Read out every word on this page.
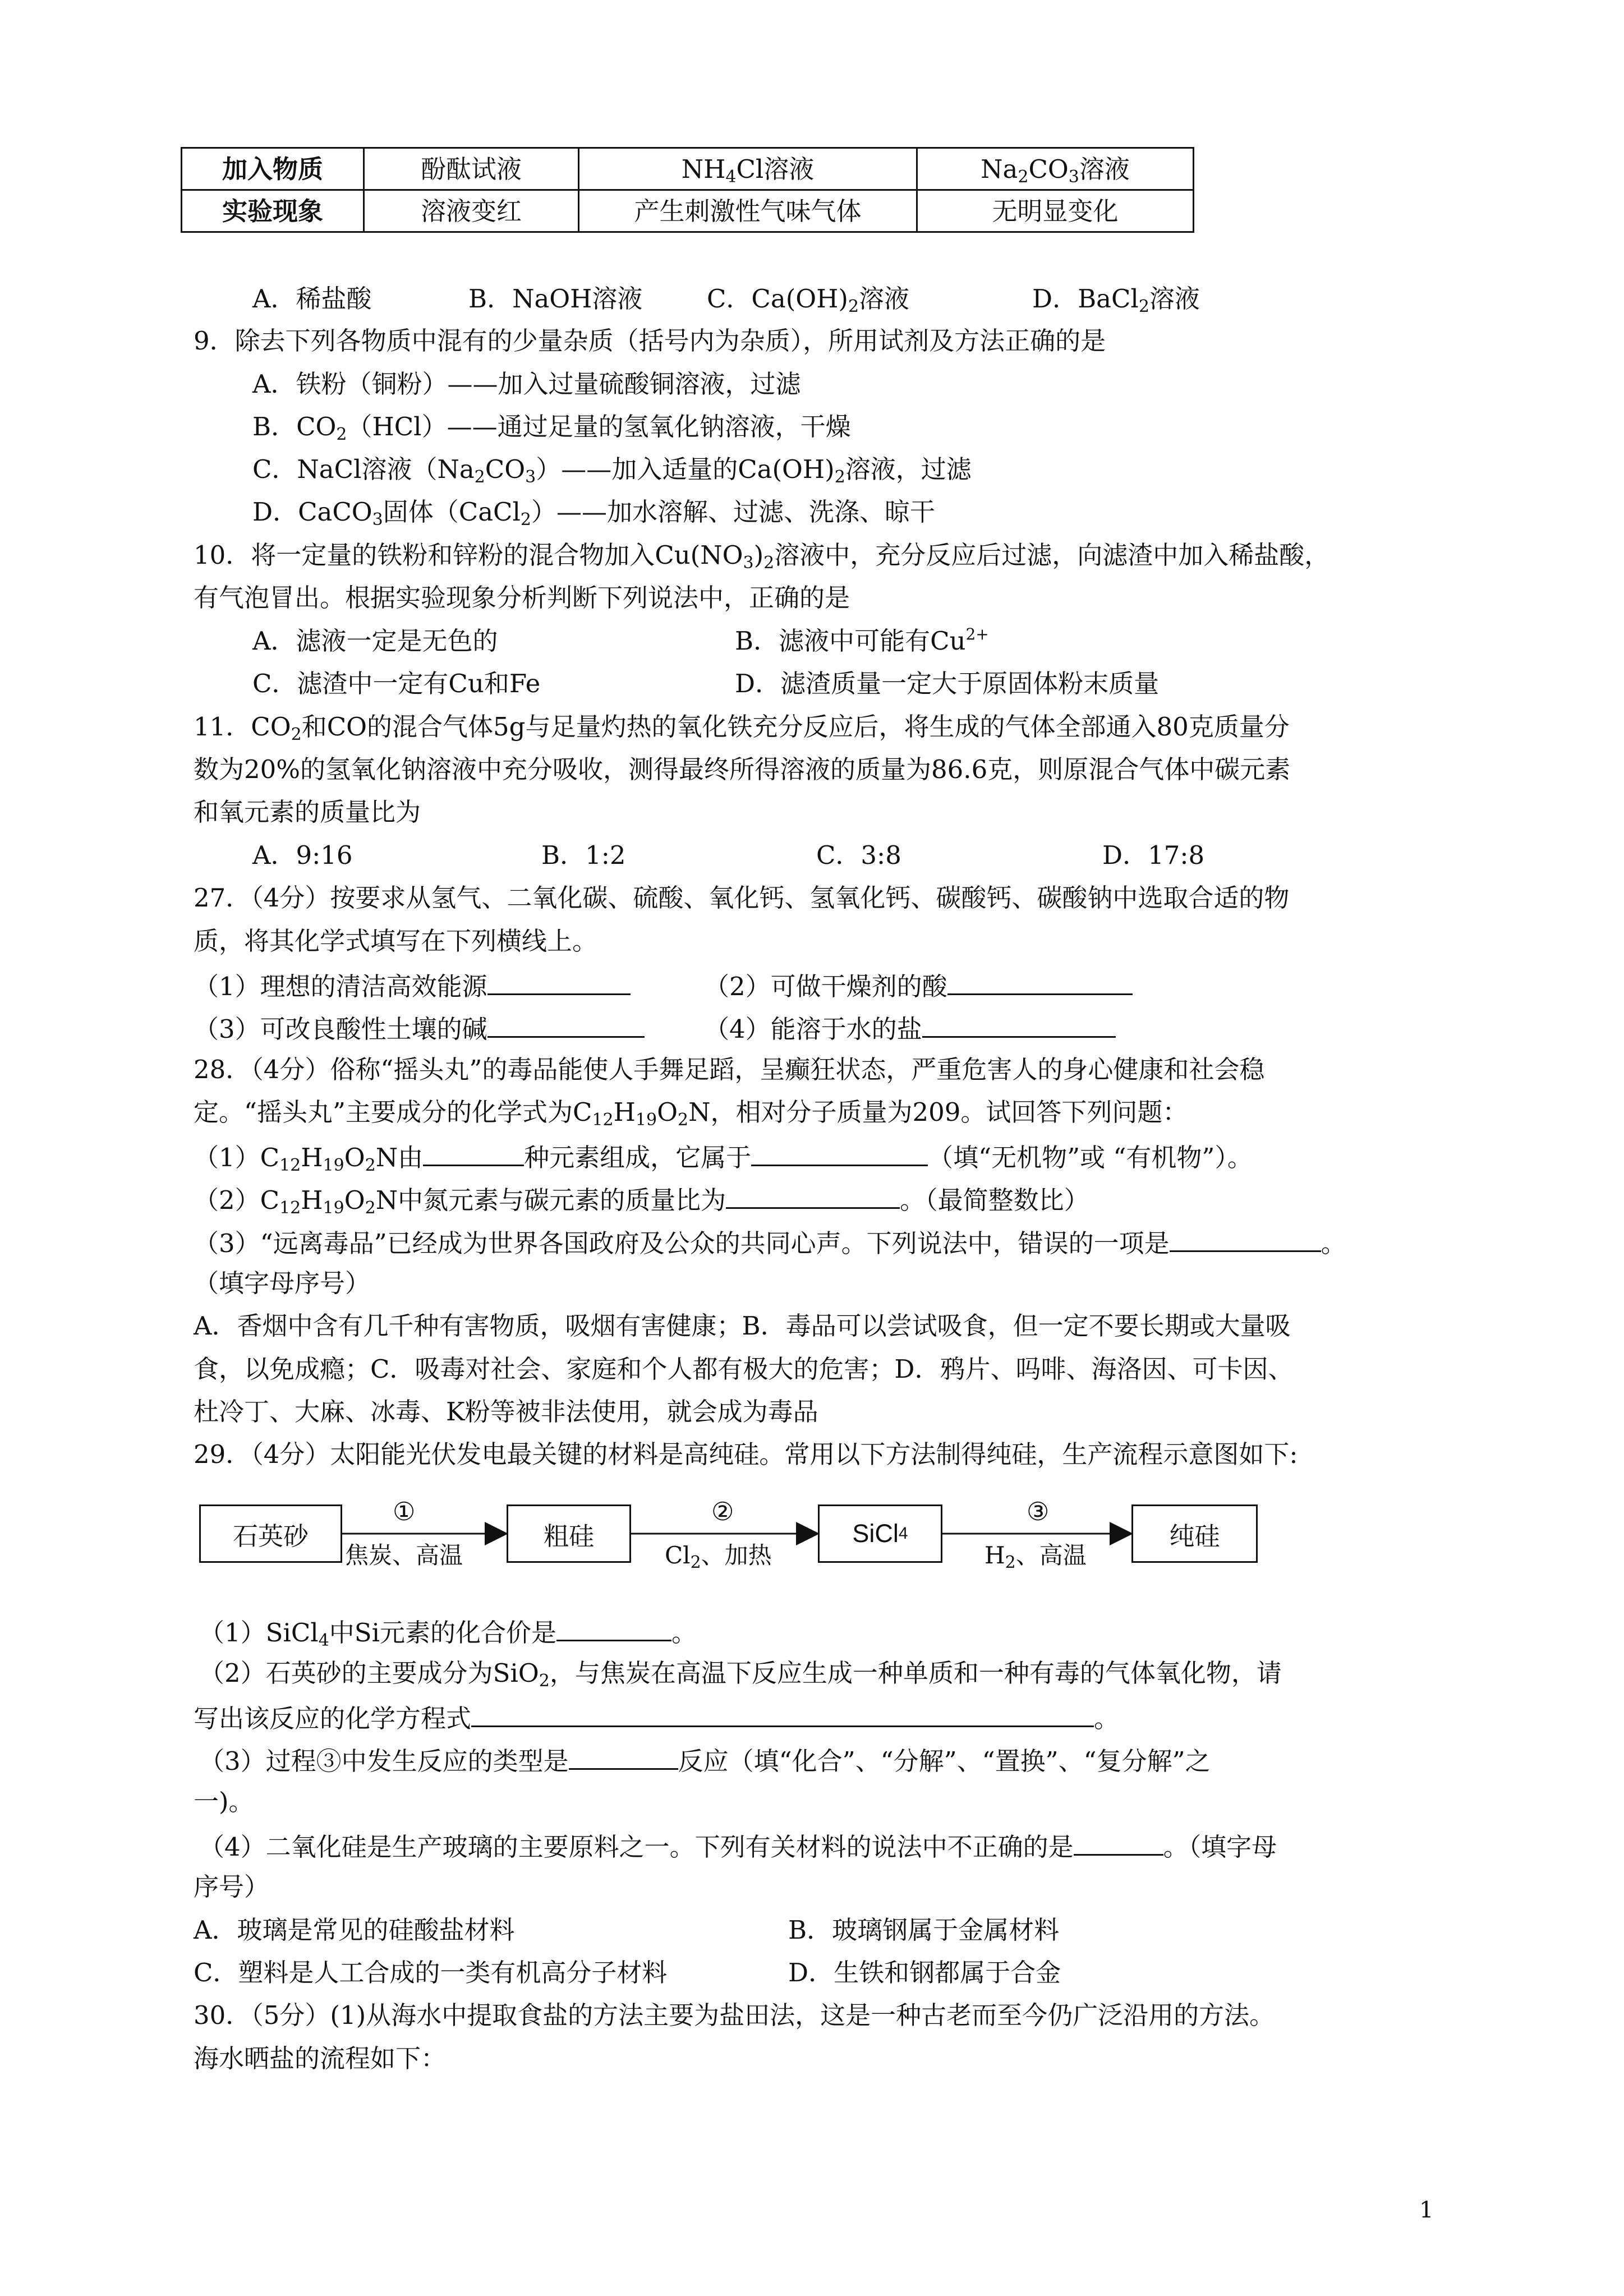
加入物质	酚酞试液	$NH_4Cl$溶液	$Na_2CO_3$溶液
实验现象	溶液变红	产生刺激性气味气体	无明显变化
A．稀盐酸	B．NaOH溶液	C．$Ca(OH)_2$溶液	D．BaCl$_2$溶液
9．除去下列各物质中混有的少量杂质（括号内为杂质），所用试剂及方法正确的是
A．铁粉（铜粉）——加入过量硫酸铜溶液，过滤
B．$CO_2(HCl)——$通过足量的氢氧化钠溶液，干燥
C．NaCl溶液$(Na_2CO_3)——$加入适量的$Ca(OH)_2$溶液，过滤
D．CaCO$_3$固体（CaCl$_2$）——加水溶解、过滤、洗涤、晾干
10．将一定量的铁粉和锌粉的混合物加入$Cu(NO_3)_2$溶液中，充分反应后过滤，向滤渣中加入稀盐酸，
有气泡冒出。根据实验现象分析判断下列说法中，正确的是
A．滤液一定是无色的	B．滤液中可能有$Cu^{2+}$
C．滤渣中一定有Cu和Fe	D．滤渣质量一定大于原固体粉末质量
11．$CO_2$和CO的混合气体5g与足量灼热的氧化铁充分反应后，将生成的气体全部通入80克质量分
数为20%的氢氧化钠溶液中充分吸收，测得最终所得溶液的质量为86.6克，则原混合气体中碳元素
和氧元素的质量比为
A．9:16	B．1:2	C．3:8	D．17:8
27．（4分）按要求从氢气、二氧化碳、硫酸、氧化钙、氢氧化钙、碳酸钙、碳酸钠中选取合适的物
质，将其化学式填写在下列横线上。
（1）理想的清洁高效能源	（2）可做干燥剂的酸
（3）可改良酸性土壤的碱	（4）能溶于水的盐
28．（4分）俗称“摇头丸”的毒品能使人手舞足蹈，呈癫狂状态，严重危害人的身心健康和社会稳
定。“摇头丸”主要成分的化学式为$C_{12}H_{19}O_2N$，相对分子质量为209。试回答下列问题：
$(1)C_{12}H_{19}O_2N$由	种元素组成，它属于	（填“无机物”或 “有机物”）。
$(2)C_{12}H_{19}O_2N$中氮元素与碳元素的质量比为	。（最简整数比）
（3）“远离毒品”已经成为世界各国政府及公众的共同心声。下列说法中，错误的一项是	。
（填字母序号）
A．香烟中含有几千种有害物质，吸烟有害健康；B．毒品可以尝试吸食，但一定不要长期或大量吸
食，以免成瘾；C．吸毒对社会、家庭和个人都有极大的危害；D．鸦片、吗啡、海洛因、可卡因、
杜冷丁、大麻、冰毒、K粉等被非法使用，就会成为毒品
29．（4分）太阳能光伏发电最关键的材料是高纯硅。常用以下方法制得纯硅，生产流程示意图如下:
石英砂	粗硅	SiCl 4	纯硅
①	②	③
焦炭、高温	$Cl_2$、加热	$H_2$、高温
（1）SiCl$_4$中Si元素的化合价是	。
（2）石英砂的主要成分为SiO$_2$，与焦炭在高温下反应生成一种单质和一种有毒的气体氧化物，请
写出该反应的化学方程式	。
（3）过程③中发生反应的类型是	反应（填“化合”、“分解”、“置换”、“复分解”之
一)。
（4）二氧化硅是生产玻璃的主要原料之一。下列有关材料的说法中不正确的是	。（填字母
序号）
A．玻璃是常见的硅酸盐材料	B．玻璃钢属于金属材料
C．塑料是人工合成的一类有机高分子材料	D．生铁和钢都属于合金
30．（5分）(1)从海水中提取食盐的方法主要为盐田法，这是一种古老而至今仍广泛沿用的方法。
海水晒盐的流程如下：
1
